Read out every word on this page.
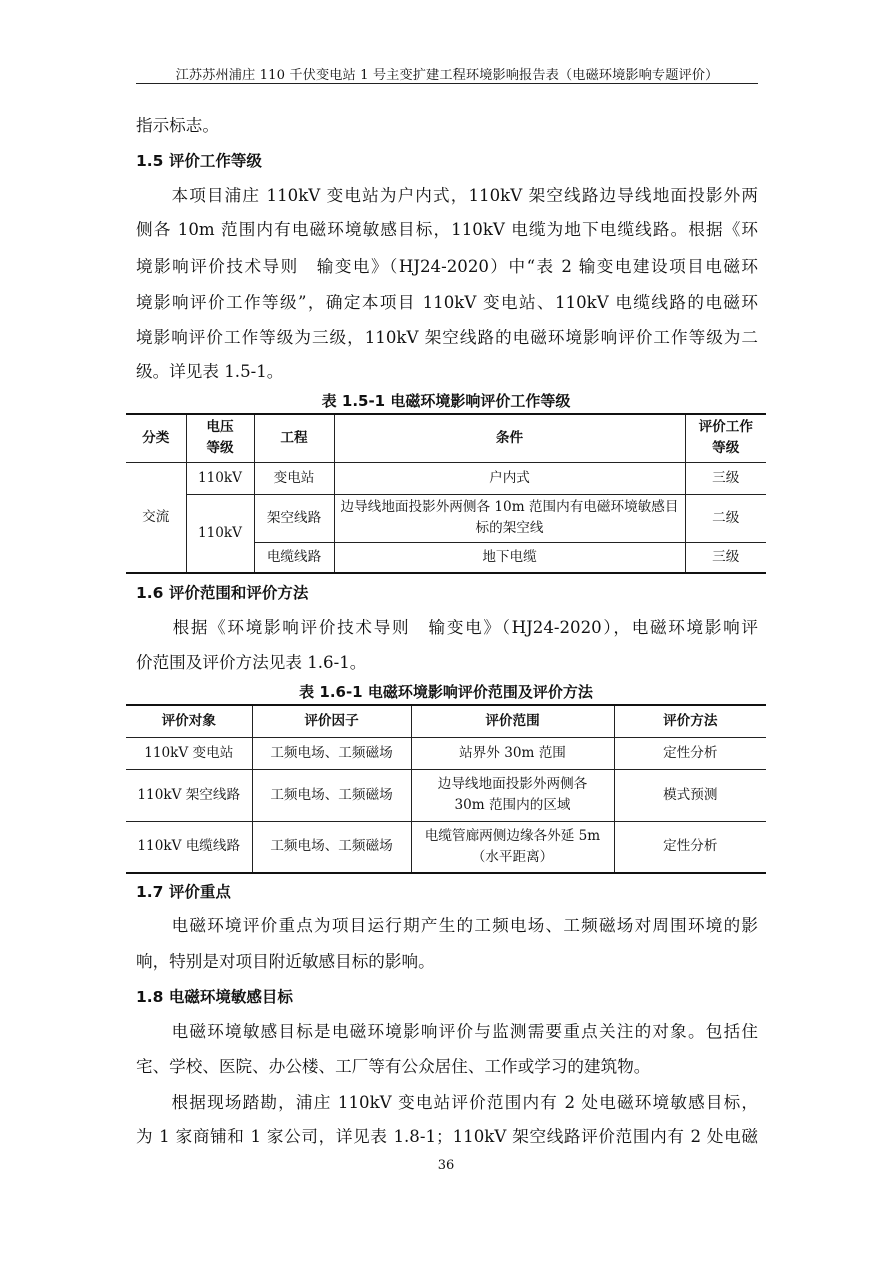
江苏苏州浦庄 110 千伏变电站 1 号主变扩建工程环境影响报告表（电磁环境影响专题评价）
指示标志。
1.5 评价工作等级
　　本项目浦庄 110kV 变电站为户内式，110kV 架空线路边导线地面投影外两
侧各 10m 范围内有电磁环境敏感目标，110kV 电缆为地下电缆线路。根据《环
境影响评价技术导则　输变电》（HJ24-2020）中“表 2 输变电建设项目电磁环
境影响评价工作等级”，确定本项目 110kV 变电站、110kV 电缆线路的电磁环
境影响评价工作等级为三级，110kV 架空线路的电磁环境影响评价工作等级为二
级。详见表 1.5-1。
表 1.5-1 电磁环境影响评价工作等级
分类	电压等级	工程	条件	评价工作等级
交流	110kV	变电站	户内式	三级
	110kV	架空线路	边导线地面投影外两侧各 10m 范围内有电磁环境敏感目标的架空线	二级
		电缆线路	地下电缆	三级
1.6 评价范围和评价方法
　　根据《环境影响评价技术导则　输变电》（HJ24-2020），电磁环境影响评
价范围及评价方法见表 1.6-1。
表 1.6-1 电磁环境影响评价范围及评价方法
评价对象	评价因子	评价范围	评价方法
110kV 变电站	工频电场、工频磁场	站界外 30m 范围	定性分析
110kV 架空线路	工频电场、工频磁场	边导线地面投影外两侧各 30m 范围内的区域	模式预测
110kV 电缆线路	工频电场、工频磁场	电缆管廊两侧边缘各外延 5m（水平距离）	定性分析
1.7 评价重点
　　电磁环境评价重点为项目运行期产生的工频电场、工频磁场对周围环境的影
响，特别是对项目附近敏感目标的影响。
1.8 电磁环境敏感目标
　　电磁环境敏感目标是电磁环境影响评价与监测需要重点关注的对象。包括住
宅、学校、医院、办公楼、工厂等有公众居住、工作或学习的建筑物。
　　根据现场踏勘，浦庄 110kV 变电站评价范围内有 2 处电磁环境敏感目标，
为 1 家商铺和 1 家公司，详见表 1.8-1；110kV 架空线路评价范围内有 2 处电磁
36
